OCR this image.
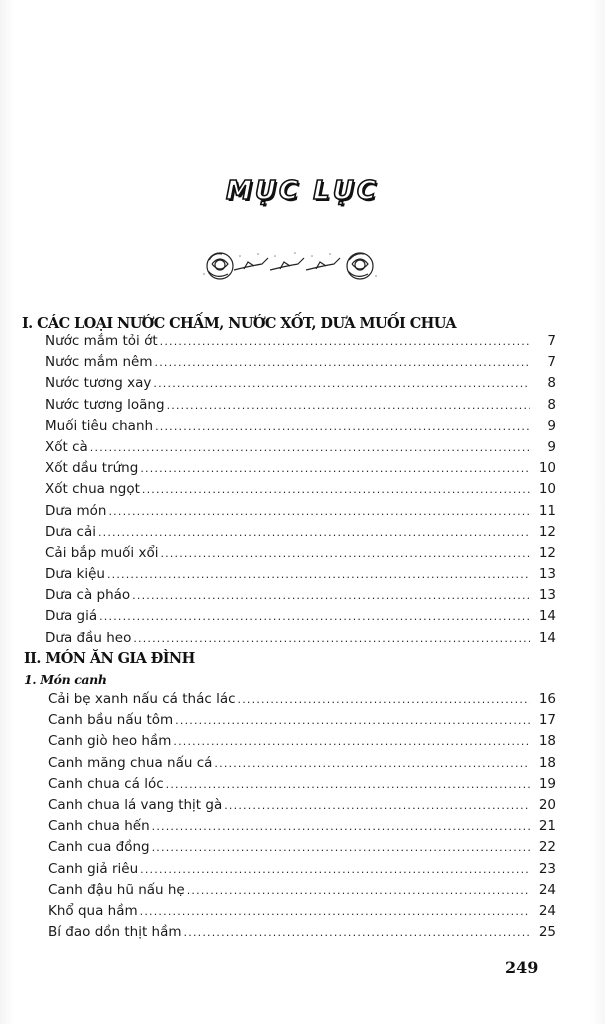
MỤC LỤC
I. CÁC LOẠI NƯỚC CHẤM, NƯỚC XỐT, DƯA MUỐI CHUA
Nước mắm tỏi ớt .....	7
Nước mắm nêm .....	7
Nước tương xay .....	8
Nước tương loãng .....	8
Muối tiêu chanh .....	9
Xốt cà .....	9
Xốt dầu trứng .....	10
Xốt chua ngọt .....	10
Dưa món .....	11
Dưa cải .....	12
Cải bắp muối xổi .....	12
Dưa kiệu .....	13
Dưa cà pháo .....	13
Dưa giá .....	14
Dưa đầu heo .....	14
II. MÓN ĂN GIA ĐÌNH
1. Món canh
Cải bẹ xanh nấu cá thác lác .....	16
Canh bầu nấu tôm .....	17
Canh giò heo hầm .....	18
Canh măng chua nấu cá .....	18
Canh chua cá lóc .....	19
Canh chua lá vang thịt gà .....	20
Canh chua hến .....	21
Canh cua đồng .....	22
Canh giả riêu .....	23
Canh đậu hũ nấu hẹ .....	24
Khổ qua hầm .....	24
Bí đao dồn thịt hầm .....	25
249
